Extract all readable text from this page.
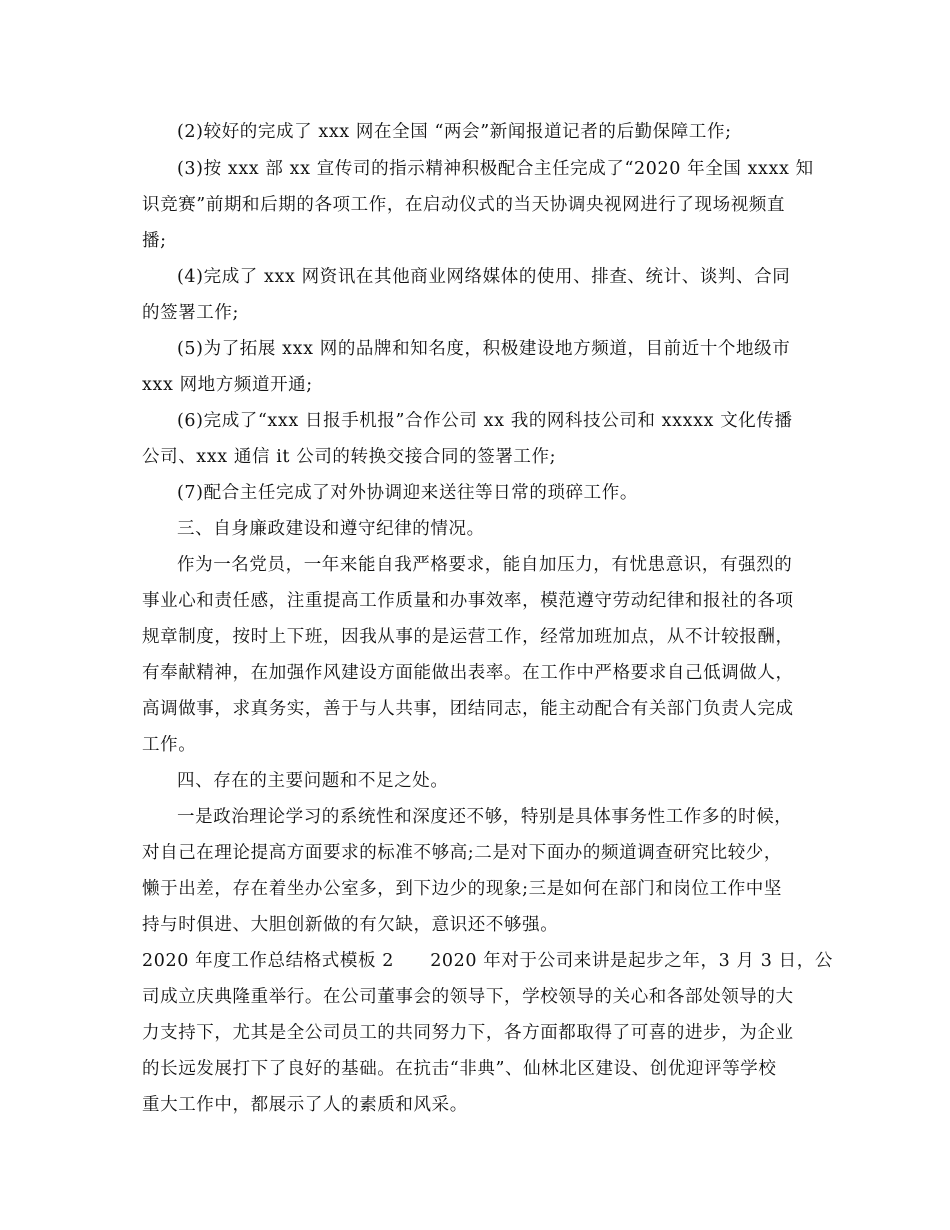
(2)较好的完成了 xxx 网在全国 “两会”新闻报道记者的后勤保障工作;
(3)按 xxx 部 xx 宣传司的指示精神积极配合主任完成了“2020 年全国 xxxx 知
识竞赛”前期和后期的各项工作，在启动仪式的当天协调央视网进行了现场视频直
播;
(4)完成了 xxx 网资讯在其他商业网络媒体的使用、排查、统计、谈判、合同
的签署工作;
(5)为了拓展 xxx 网的品牌和知名度，积极建设地方频道，目前近十个地级市
xxx 网地方频道开通;
(6)完成了“xxx 日报手机报”合作公司 xx 我的网科技公司和 xxxxx 文化传播
公司、xxx 通信 it 公司的转换交接合同的签署工作;
(7)配合主任完成了对外协调迎来送往等日常的琐碎工作。
三、自身廉政建设和遵守纪律的情况。
作为一名党员，一年来能自我严格要求，能自加压力，有忧患意识，有强烈的
事业心和责任感，注重提高工作质量和办事效率，模范遵守劳动纪律和报社的各项
规章制度，按时上下班，因我从事的是运营工作，经常加班加点，从不计较报酬，
有奉献精神，在加强作风建设方面能做出表率。在工作中严格要求自己低调做人，
高调做事，求真务实，善于与人共事，团结同志，能主动配合有关部门负责人完成
工作。
四、存在的主要问题和不足之处。
一是政治理论学习的系统性和深度还不够，特别是具体事务性工作多的时候，
对自己在理论提高方面要求的标准不够高;二是对下面办的频道调查研究比较少，
懒于出差，存在着坐办公室多，到下边少的现象;三是如何在部门和岗位工作中坚
持与时俱进、大胆创新做的有欠缺，意识还不够强。
2020 年度工作总结格式模板 2　　2020 年对于公司来讲是起步之年，3 月 3 日，公
司成立庆典隆重举行。在公司董事会的领导下，学校领导的关心和各部处领导的大
力支持下，尤其是全公司员工的共同努力下，各方面都取得了可喜的进步，为企业
的长远发展打下了良好的基础。在抗击“非典”、仙林北区建设、创优迎评等学校
重大工作中，都展示了人的素质和风采。
